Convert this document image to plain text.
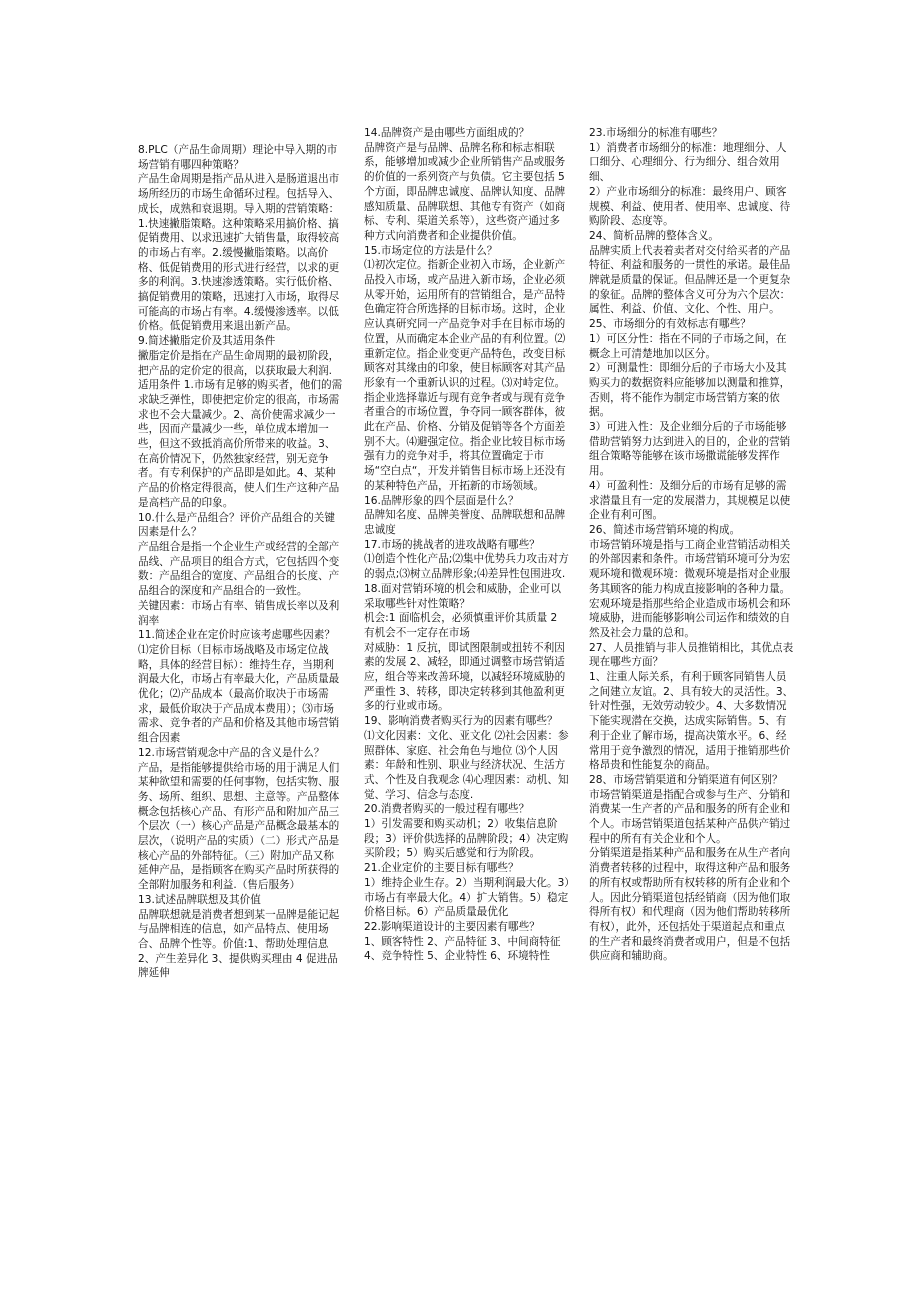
8.PLC（产品生命周期）理论中导入期的市场营销有哪四种策略？

产品生命周期是指产品从进入是肠道退出市场所经历的市场生命循环过程。包括导入、成长，成熟和衰退期。导入期的营销策略：1.快速撇脂策略。这种策略采用搞价格、搞促销费用、以求迅速扩大销售量，取得较高的市场占有率。2.缓慢撇脂策略。以高价格、低促销费用的形式进行经营，以求的更多的利润。3.快速渗透策略。实行低价格、搞促销费用的策略，迅速打入市场，取得尽可能高的市场占有率。4.缓慢渗透率。以低价格。低促销费用来退出新产品。

9.简述撇脂定价及其适用条件

撇脂定价是指在产品生命周期的最初阶段，把产品的定价定的很高，以获取最大利润.

适用条件 1.市场有足够的购买者，他们的需求缺乏弹性，即使把定价定的很高，市场需求也不会大量减少。2、高价使需求减少一些，因而产量减少一些，单位成本增加一些，但这不致抵消高价所带来的收益。3、在高价情况下，仍然独家经营，别无竞争者。有专利保护的产品即是如此。4、某种产品的价格定得很高，使人们生产这种产品是高档产品的印象。

10.什么是产品组合？评价产品组合的关键因素是什么？

产品组合是指一个企业生产或经营的全部产品线、产品项目的组合方式，它包括四个变数：产品组合的宽度、产品组合的长度、产品组合的深度和产品组合的一致性。

关键因素：市场占有率、销售成长率以及利润率

11.简述企业在定价时应该考虑哪些因素？

⑴定价目标（目标市场战略及市场定位战略，具体的经营目标）：维持生存，当期利润最大化，市场占有率最大化，产品质量最优化；⑵产品成本（最高价取决于市场需求，最低价取决于产品成本费用）；⑶市场需求、竞争者的产品和价格及其他市场营销组合因素

12.市场营销观念中产品的含义是什么？

产品，是指能够提供给市场的用于满足人们某种欲望和需要的任何事物，包括实物、服务、场所、组织、思想、主意等。产品整体概念包括核心产品、有形产品和附加产品三个层次（一）核心产品是产品概念最基本的层次，（说明产品的实质）（二）形式产品是核心产品的外部特征。（三）附加产品又称延伸产品，是指顾客在购买产品时所获得的全部附加服务和利益.（售后服务）

13.试述品牌联想及其价值

品牌联想就是消费者想到某一品牌是能记起与品牌相连的信息，如产品特点、使用场合、品牌个性等。价值:1、帮助处理信息 2、产生差异化 3、提供购买理由 4 促进品牌延伸

14.品牌资产是由哪些方面组成的？

品牌资产是与品牌、品牌名称和标志相联系，能够增加或减少企业所销售产品或服务的价值的一系列资产与负债。它主要包括 5 个方面，即品牌忠诚度、品牌认知度、品牌感知质量、品牌联想、其他专有资产（如商标、专利、渠道关系等），这些资产通过多种方式向消费者和企业提供价值。

15.市场定位的方法是什么？

⑴初次定位。指新企业初入市场，企业新产品投入市场，或产品进入新市场，企业必须从零开始，运用所有的营销组合，是产品特色确定符合所选择的目标市场。这时，企业应认真研究同一产品竞争对手在目标市场的位置，从而确定本企业产品的有利位置。⑵重新定位。指企业变更产品特色，改变目标顾客对其缘由的印象，使目标顾客对其产品形象有一个重新认识的过程。⑶对峙定位。指企业选择靠近与现有竞争者或与现有竞争者重合的市场位置，争夺同一顾客群体，彼此在产品、价格、分销及促销等各个方面差别不大。⑷避强定位。指企业比较目标市场强有力的竞争对手，将其位置确定于市场“空白点“，开发并销售目标市场上还没有的某种特色产品，开拓新的市场领域。

16.品牌形象的四个层面是什么？

品牌知名度、品牌美誉度、品牌联想和品牌忠诚度

17.市场的挑战者的进攻战略有哪些？

⑴创造个性化产品;⑵集中优势兵力攻击对方的弱点;⑶树立品牌形象;⑷差异性包围进攻.

18.面对营销环境的机会和威胁，企业可以采取哪些针对性策略？

机会:1 面临机会，必须慎重评价其质量 2 有机会不一定存在市场

对威胁：1 反抗，即试图限制或扭转不利因素的发展 2、减轻，即通过调整市场营销适应，组合等来改善环境，以减轻环境威胁的严重性 3、转移，即决定转移到其他盈利更多的行业或市场。

19、影响消费者购买行为的因素有哪些？

⑴文化因素：文化、亚文化 ⑵社会因素：参照群体、家庭、社会角色与地位 ⑶个人因素：年龄和性别、职业与经济状况、生活方式、个性及自我观念 ⑷心理因素：动机、知觉、学习、信念与态度.

20.消费者购买的一般过程有哪些？

1）引发需要和购买动机；2）收集信息阶段；3）评价供选择的品牌阶段；4）决定购买阶段；5）购买后感觉和行为阶段。

21.企业定价的主要目标有哪些？

1）维持企业生存。2）当期利润最大化。3）市场占有率最大化。4）扩大销售。5）稳定价格目标。6）产品质量最优化

22.影响渠道设计的主要因素有哪些？

1、顾客特性 2、产品特征 3、中间商特征 4、竞争特性 5、企业特性 6、环境特性

23.市场细分的标准有哪些？

1）消费者市场细分的标准：地理细分、人口细分、心理细分、行为细分、组合效用细、

2）产业市场细分的标准：最终用户、顾客规模、利益、使用者、使用率、忠诚度、待购阶段、态度等。

24、简析品牌的整体含义。

品牌实质上代表着卖者对交付给买者的产品特征、利益和服务的一贯性的承诺。最佳品牌就是质量的保证。但品牌还是一个更复杂的象征。品牌的整体含义可分为六个层次：属性、利益、价值、文化、个性、用户。

25、市场细分的有效标志有哪些？

1）可区分性：指在不同的子市场之间，在概念上可清楚地加以区分。

2）可测量性：即细分后的子市场大小及其购买力的数据资料应能够加以测量和推算，否则，将不能作为制定市场营销方案的依据。

3）可进入性：及企业细分后的子市场能够借助营销努力达到进入的目的，企业的营销组合策略等能够在该市场撒谎能够发挥作用。

4）可盈利性：及细分后的市场有足够的需求潜量且有一定的发展潜力，其规模足以使企业有利可图。

26、简述市场营销环境的构成。

市场营销环境是指与工商企业营销活动相关的外部因素和条件。市场营销环境可分为宏观环境和微观环境：微观环境是指对企业服务其顾客的能力构成直接影响的各种力量。宏观环境是指那些给企业造成市场机会和环境威胁，进而能够影响公司运作和绩效的自然及社会力量的总和。

27、人员推销与非人员推销相比，其优点表现在哪些方面？

1、注重人际关系，有利于顾客同销售人员之间建立友谊。2、具有较大的灵活性。3、针对性强，无效劳动较少。4、大多数情况下能实现潜在交换，达成实际销售。5、有利于企业了解市场，提高决策水平。6、经常用于竞争激烈的情况，适用于推销那些价格昂贵和性能复杂的商品。

28、市场营销渠道和分销渠道有何区别？

市场营销渠道是指配合或参与生产、分销和消费某一生产者的产品和服务的所有企业和个人。市场营销渠道包括某种产品供产销过程中的所有有关企业和个人。

分销渠道是指某种产品和服务在从生产者向消费者转移的过程中，取得这种产品和服务的所有权或帮助所有权转移的所有企业和个人。因此分销渠道包括经销商（因为他们取得所有权）和代理商（因为他们帮助转移所有权），此外，还包括处于渠道起点和重点的生产者和最终消费者或用户，但是不包括供应商和辅助商。
